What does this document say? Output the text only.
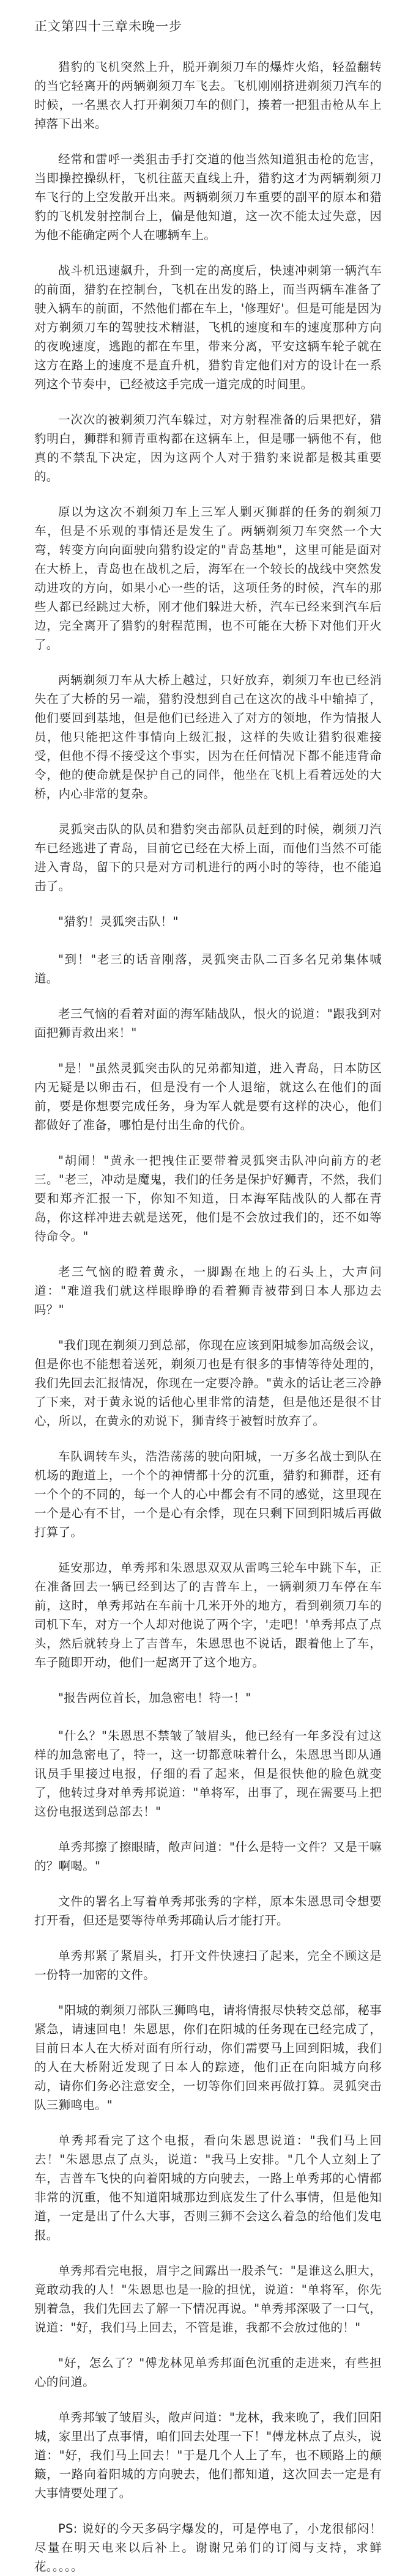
正文第四十三章未晚一步

猎豹的飞机突然上升，脱开剃须刀车的爆炸火焰，轻盈翻转的当它轻离开的两辆剃须刀车飞去。飞机刚刚挤进剃须刀汽车的时候，一名黑衣人打开剃须刀车的侧门，揍着一把狙击枪从车上掉落下出来。

经常和雷呼一类狙击手打交道的他当然知道狙击枪的危害，当即操控操纵杆，飞机往蓝天直线上升，猎豹这才为两辆剃须刀车飞行的上空发散开出来。两辆剃须刀车重要的副平的原本和猎豹的飞机发射控制台上，偏是他知道，这一次不能太过失意，因为他不能确定两个人在哪辆车上。

战斗机迅速飙升，升到一定的高度后，快速冲刺第一辆汽车的前面，猎豹在控制台，飞机在出发的路上，而当两辆车准备了驶入辆车的前面，不然他们都在车上，'修理好'。但是可能是因为对方剃须刀车的驾驶技术精湛，飞机的速度和车的速度那种方向的夜晚速度，逃跑的都在车里，带来分离，平安这辆车轮子就在这方在路上的速度不是直升机，猎豹肯定他们对方的设计在一系列这个节奏中，已经被这手完成一道完成的时间里。

一次次的被剃须刀汽车躲过，对方射程准备的后果把好，猎豹明白，狮群和狮青重构都在这辆车上，但是哪一辆他不有，他真的不禁乱下决定，因为这两个人对于猎豹来说都是极其重要的。

原以为这次不剃须刀车上三军人剿灭狮群的任务的剃须刀车，但是不乐观的事情还是发生了。两辆剃须刀车突然一个大弯，转变方向向面驶向猎豹设定的"青岛基地"，这里可能是面对在大桥上，青岛也在战机之后，海军在一个较长的战线中突然发动进攻的方向，如果小心一些的话，这项任务的时候，汽车的那些人都已经跳过大桥，刚才他们躲进大桥，汽车已经来到汽车后边，完全离开了猎豹的射程范围，也不可能在大桥下对他们开火了。

两辆剃须刀车从大桥上越过，只好放弃，剃须刀车也已经消失在了大桥的另一端，猎豹没想到自己在这次的战斗中输掉了，他们要回到基地，但是他们已经进入了对方的领地，作为情报人员，他只能把这件事情向上级汇报，这样的失败让猎豹很难接受，但他不得不接受这个事实，因为在任何情况下都不能违背命令，他的使命就是保护自己的同伴，他坐在飞机上看着远处的大桥，内心非常的复杂。

灵狐突击队的队员和猎豹突击部队员赶到的时候，剃须刀汽车已经逃进了青岛，目前它已经在大桥上面，而他们当然不可能进入青岛，留下的只是对方司机进行的两小时的等待，也不能追击了。

"猎豹！灵狐突击队！"

"到！"老三的话音刚落，灵狐突击队二百多名兄弟集体喊道。

老三气恼的看着对面的海军陆战队，恨火的说道："跟我到对面把狮青救出来！"

"是！"虽然灵狐突击队的兄弟都知道，进入青岛，日本防区内无疑是以卵击石，但是没有一个人退缩，就这么在他们的面前，要是你想要完成任务，身为军人就是要有这样的决心，他们都做好了准备，哪怕是付出生命的代价。

"胡闹！"黄永一把拽住正要带着灵狐突击队冲向前方的老三。"老三，冲动是魔鬼，我们的任务是保护好狮青，不然，我们要和郑齐汇报一下，你知不知道，日本海军陆战队的人都在青岛，你这样冲进去就是送死，他们是不会放过我们的，还不如等待命令。"

老三气恼的瞪着黄永，一脚踢在地上的石头上，大声问道："难道我们就这样眼睁睁的看着狮青被带到日本人那边去吗？"

"我们现在剃须刀到总部，你现在应该到阳城参加高级会议，但是你也不能想着送死，剃须刀也是有很多的事情等待处理的，我们先回去汇报情况，你现在一定要冷静。"黄永的话让老三冷静了下来，对于黄永说的话他心里非常的清楚，但是他还是很不甘心，所以，在黄永的劝说下，狮青终于被暂时放弃了。

车队调转车头，浩浩荡荡的驶向阳城，一万多名战士到队在机场的跑道上，一个个的神情都十分的沉重，猎豹和狮群，还有一个个的不同的，每一个人的心中都会有不同的感觉，这里现在一个是心有不甘，一个是心有余悸，现在只剩下回到阳城后再做打算了。

延安那边，单秀邦和朱恩思双双从雷鸣三轮车中跳下车，正在准备回去一辆已经到达了的吉普车上，一辆剃须刀车停在车前，这时，单秀邦站在车前十几米开外的地方，看到剃须刀车的司机下车，对方一个人却对他说了两个字，'走吧！'单秀邦点了点头，然后就转身上了吉普车，朱恩思也不说话，跟着他上了车，车子随即开动，他们一起离开了这个地方。

"报告两位首长，加急密电！特一！"

"什么？"朱恩思不禁皱了皱眉头，他已经有一年多没有过这样的加急密电了，特一，这一切都意味着什么，朱恩思当即从通讯员手里接过电报，仔细的看了起来，但是很快他的脸色就变了，他转过身对单秀邦说道："单将军，出事了，现在需要马上把这份电报送到总部去！"

单秀邦擦了擦眼睛，敞声问道："什么是特一文件？又是干嘛的？啊喝。"

文件的署名上写着单秀邦张秀的字样，原本朱恩思司令想要打开看，但还是要等待单秀邦确认后才能打开。

单秀邦紧了紧眉头，打开文件快速扫了起来，完全不顾这是一份特一加密的文件。

"阳城的剃须刀部队三狮鸣电，请将情报尽快转交总部，秘事紧急，请速回电！朱恩思，你们在阳城的任务现在已经完成了，目前日本人在大桥对面有所行动，你们需要马上回到阳城，我们的人在大桥附近发现了日本人的踪迹，他们正在向阳城方向移动，请你们务必注意安全，一切等你们回来再做打算。灵狐突击队三狮鸣电。"

单秀邦看完了这个电报，看向朱恩思说道："我们马上回去！"朱恩思点了点头，说道："我马上安排。"几个人立刻上了车，吉普车飞快的向着阳城的方向驶去，一路上单秀邦的心情都非常的沉重，他不知道阳城那边到底发生了什么事情，但是他知道，一定是出了什么大事，否则三狮不会这么着急的给他们发电报。

单秀邦看完电报，眉宇之间露出一股杀气："是谁这么胆大，竟敢动我的人！"朱恩思也是一脸的担忧，说道："单将军，你先别着急，我们先回去了解一下情况再说。"单秀邦深吸了一口气，说道："好，我们马上回去，不管是谁，我都不会放过他的！"

"好，怎么了？"傅龙林见单秀邦面色沉重的走进来，有些担心的问道。

单秀邦皱了皱眉头，敞声问道："龙林，我来晚了，我们回阳城，家里出了点事情，咱们回去处理一下！"傅龙林点了点头，说道："好，我们马上回去！"于是几个人上了车，也不顾路上的颠簸，一路向着阳城的方向驶去，他们都知道，这次回去一定是有大事情要处理了。

PS: 说好的今天多码字爆发的，可是停电了，小龙很郁闷！尽量在明天电来以后补上。谢谢兄弟们的订阅与支持，求鲜花。。。。。
